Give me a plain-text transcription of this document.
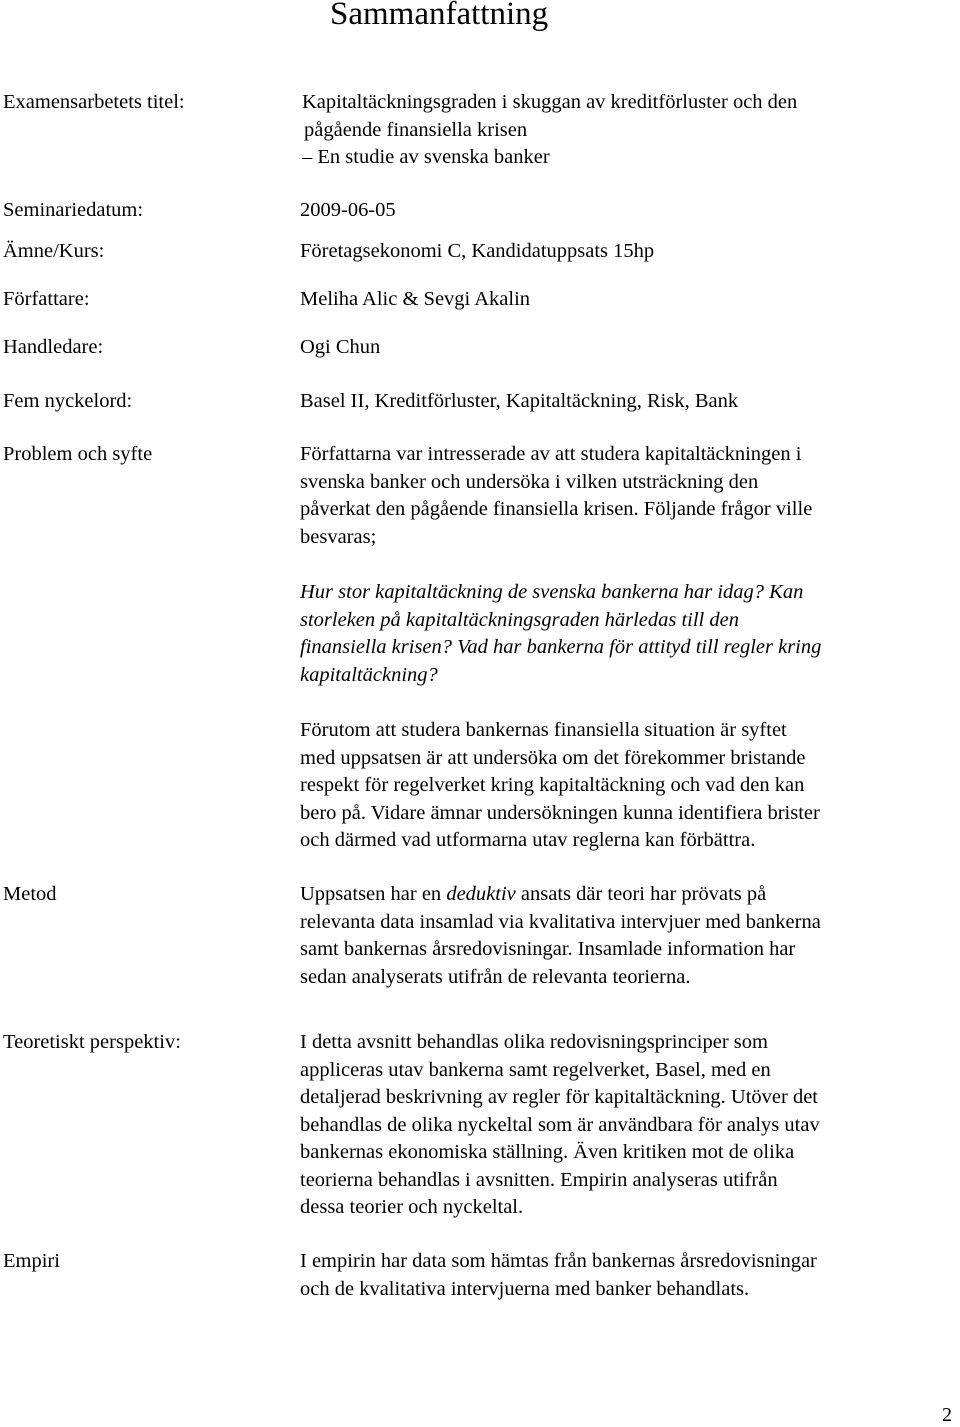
Sammanfattning
Examensarbetets titel:	Kapitaltäckningsgraden i skuggan av kreditförluster och den
pågående finansiella krisen
– En studie av svenska banker
Seminariedatum:	2009-06-05
Ämne/Kurs:	Företagsekonomi C, Kandidatuppsats 15hp
Författare:	Meliha Alic & Sevgi Akalin
Handledare:	Ogi Chun
Fem nyckelord:	Basel II, Kreditförluster, Kapitaltäckning, Risk, Bank
Problem och syfte	Författarna var intresserade av att studera kapitaltäckningen i
svenska banker och undersöka i vilken utsträckning den
påverkat den pågående finansiella krisen. Följande frågor ville
besvaras;
Hur stor kapitaltäckning de svenska bankerna har idag? Kan
storleken på kapitaltäckningsgraden härledas till den
finansiella krisen? Vad har bankerna för attityd till regler kring
kapitaltäckning?
Förutom att studera bankernas finansiella situation är syftet
med uppsatsen är att undersöka om det förekommer bristande
respekt för regelverket kring kapitaltäckning och vad den kan
bero på. Vidare ämnar undersökningen kunna identifiera brister
och därmed vad utformarna utav reglerna kan förbättra.
Metod	Uppsatsen har en deduktiv ansats där teori har prövats på
relevanta data insamlad via kvalitativa intervjuer med bankerna
samt bankernas årsredovisningar. Insamlade information har
sedan analyserats utifrån de relevanta teorierna.
Teoretiskt perspektiv:	I detta avsnitt behandlas olika redovisningsprinciper som
appliceras utav bankerna samt regelverket, Basel, med en
detaljerad beskrivning av regler för kapitaltäckning. Utöver det
behandlas de olika nyckeltal som är användbara för analys utav
bankernas ekonomiska ställning. Även kritiken mot de olika
teorierna behandlas i avsnitten. Empirin analyseras utifrån
dessa teorier och nyckeltal.
Empiri	I empirin har data som hämtas från bankernas årsredovisningar
och de kvalitativa intervjuerna med banker behandlats.
2
